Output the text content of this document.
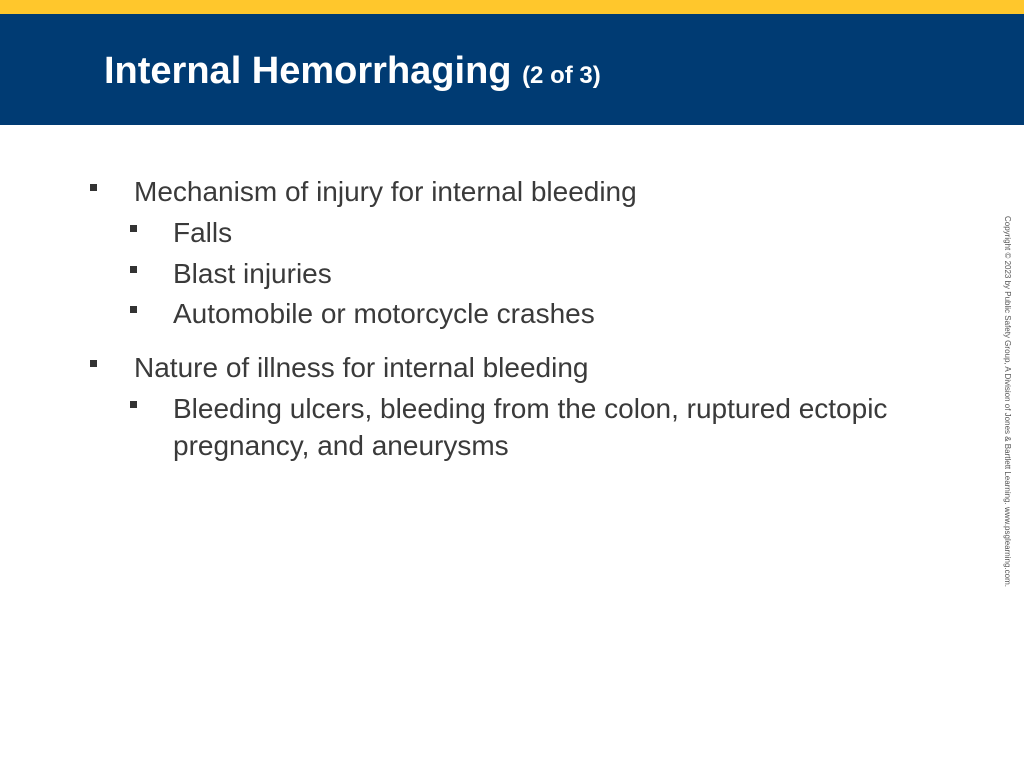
Internal Hemorrhaging (2 of 3)
Mechanism of injury for internal bleeding
Falls
Blast injuries
Automobile or motorcycle crashes
Nature of illness for internal bleeding
Bleeding ulcers, bleeding from the colon, ruptured ectopic pregnancy, and aneurysms	Copyright © 2023 by Public Safety Group, A Division of Jones & Bartlett Learning. www.psglearning.com.
